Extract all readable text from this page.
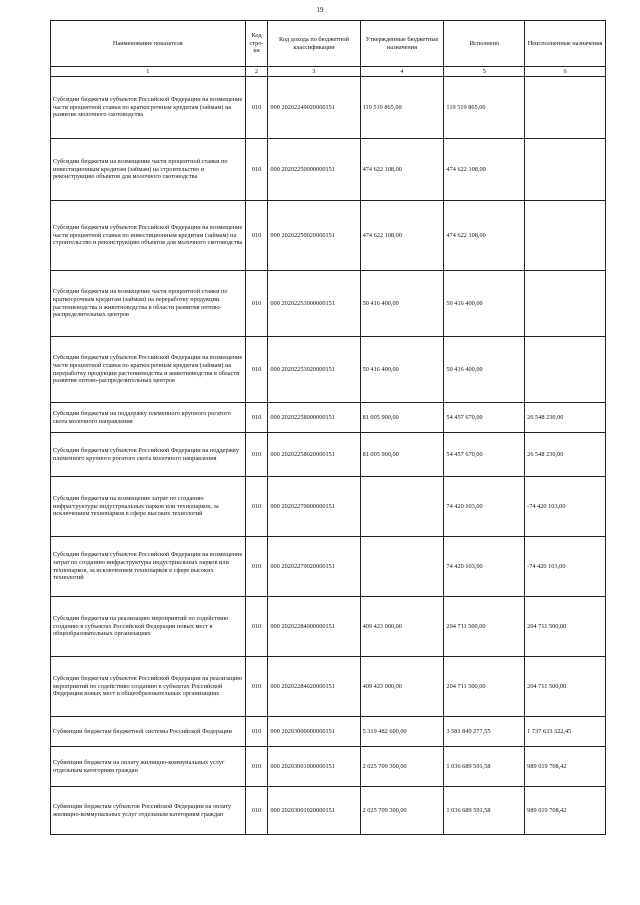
19
Наименование показателя	Код стро-ки	Код дохода по бюджетной классификации	Утвержденные бюджетные назначения	Исполнено	Неисполненные назначения
1	2	3	4	5	6
Субсидии бюджетам субъектов Российской Федерации на возмещение части процентной ставки по краткосрочным кредитам (займам) на развитие молочного скотоводства	010	000 20202249020000151	119 519 865,00	119 519 865,00	
Субсидии бюджетам на возмещение части процентной ставки по инвестиционным кредитам (займам) на строительство и реконструкцию объектов для молочного скотоводства	010	000 20202250000000151	474 622 108,00	474 622 108,00	
Субсидии бюджетам субъектов Российской Федерации на возмещение части процентной ставки по инвестиционным кредитам (займам) на строительство и реконструкцию объектов для молочного скотоводства	010	000 20202250020000151	474 622 108,00	474 622 108,00	
Субсидии бюджетам на возмещение части процентной ставки по краткосрочным кредитам (займам) на переработку продукции растениеводства и животноводства в области развития оптово-распределительных центров	010	000 20202253000000151	50 416 400,00	50 416 400,00	
Субсидии бюджетам субъектов Российской Федерации на возмещение части процентной ставки по краткосрочным кредитам (займам) на переработку продукции растениеводства и животноводства в области развития оптово-распределительных центров	010	000 20202253020000151	50 416 400,00	50 416 400,00	
Субсидии бюджетам на поддержку племенного крупного рогатого скота молочного направления	010	000 20202258000000151	81 005 900,00	54 457 670,00	26 548 230,00
Субсидии бюджетам субъектов Российской Федерации на поддержку племенного крупного рогатого скота молочного направления	010	000 20202258020000151	81 005 900,00	54 457 670,00	26 548 230,00
Субсидии бюджетам на возмещение затрат по созданию инфраструктуры индустриальных парков или технопарков, за исключением технопарков в сфере высоких технологий	010	000 20202279000000151		74 420 103,00	-74 420 103,00
Субсидии бюджетам субъектов Российской Федерации на возмещение затрат по созданию инфраструктуры индустриальных парков или технопарков, за исключением технопарков в сфере высоких технологий	010	000 20202279020000151		74 420 103,00	-74 420 103,00
Субсидии бюджетам на реализацию мероприятий по содействию созданию в субъектах Российской Федерации новых мест в общеобразовательных организациях	010	000 20202284000000151	409 423 000,00	204 711 500,00	204 711 500,00
Субсидии бюджетам субъектов Российской Федерации на реализацию мероприятий по содействию созданию в субъектах Российской Федерации новых мест в общеобразовательных организациях	010	000 20202284020000151	409 423 000,00	204 711 500,00	204 711 500,00
Субвенции бюджетам бюджетной системы Российской Федерации	010	000 20203000000000151	5 319 482 600,00	3 581 849 277,55	1 737 633 322,45
Субвенции бюджетам на оплату жилищно-коммунальных услуг отдельным категориям граждан	010	000 20203001000000151	2 025 709 300,00	1 036 689 591,58	989 019 708,42
Субвенции бюджетам субъектов Российской Федерации на оплату жилищно-коммунальных услуг отдельным категориям граждан	010	000 20203001020000151	2 025 709 300,00	1 036 689 591,58	989 019 708,42
